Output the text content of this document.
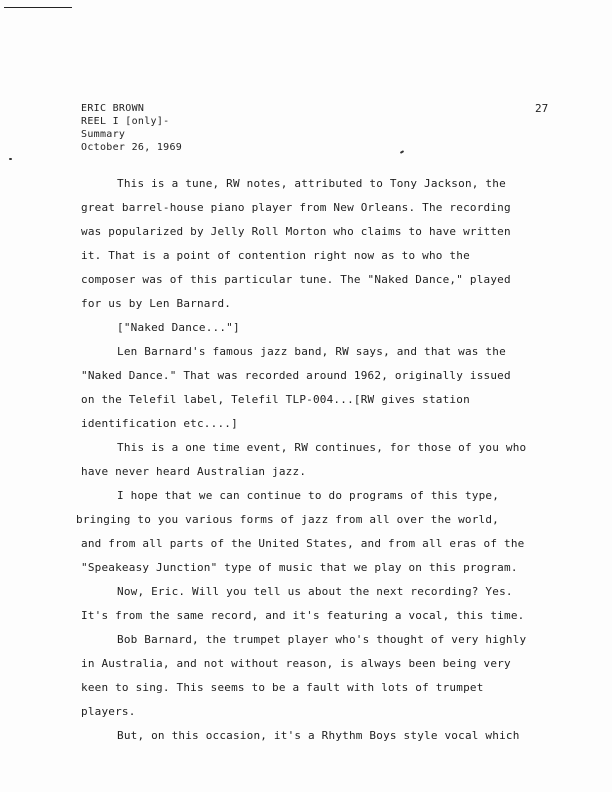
ERIC BROWN
REEL I [only]-
Summary
October 26, 1969
27
This is a tune, RW notes, attributed to Tony Jackson, the
great barrel-house piano player from New Orleans. The recording
was popularized by Jelly Roll Morton who claims to have written
it. That is a point of contention right now as to who the
composer was of this particular tune. The "Naked Dance," played
for us by Len Barnard.
["Naked Dance..."]
Len Barnard's famous jazz band, RW says, and that was the
"Naked Dance." That was recorded around 1962, originally issued
on the Telefil label, Telefil TLP-004...[RW gives station
identification etc....]
This is a one time event, RW continues, for those of you who
have never heard Australian jazz.
I hope that we can continue to do programs of this type,
bringing to you various forms of jazz from all over the world,
and from all parts of the United States, and from all eras of the
"Speakeasy Junction" type of music that we play on this program.
Now, Eric. Will you tell us about the next recording? Yes.
It's from the same record, and it's featuring a vocal, this time.
Bob Barnard, the trumpet player who's thought of very highly
in Australia, and not without reason, is always been being very
keen to sing. This seems to be a fault with lots of trumpet
players.
But, on this occasion, it's a Rhythm Boys style vocal which
